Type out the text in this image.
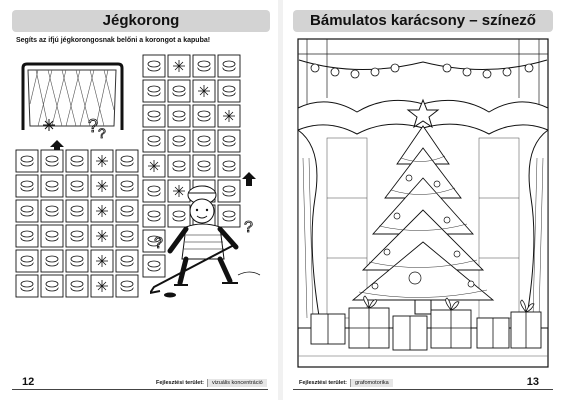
Jégkorong
Segíts az ifjú jégkorongosnak belőni a korongot a kapuba!
? ?
?
?
12	Fejlesztési terület:	vizuális koncentráció
Bámulatos karácsony – színező
Fejlesztési terület:	grafomotorika	13
